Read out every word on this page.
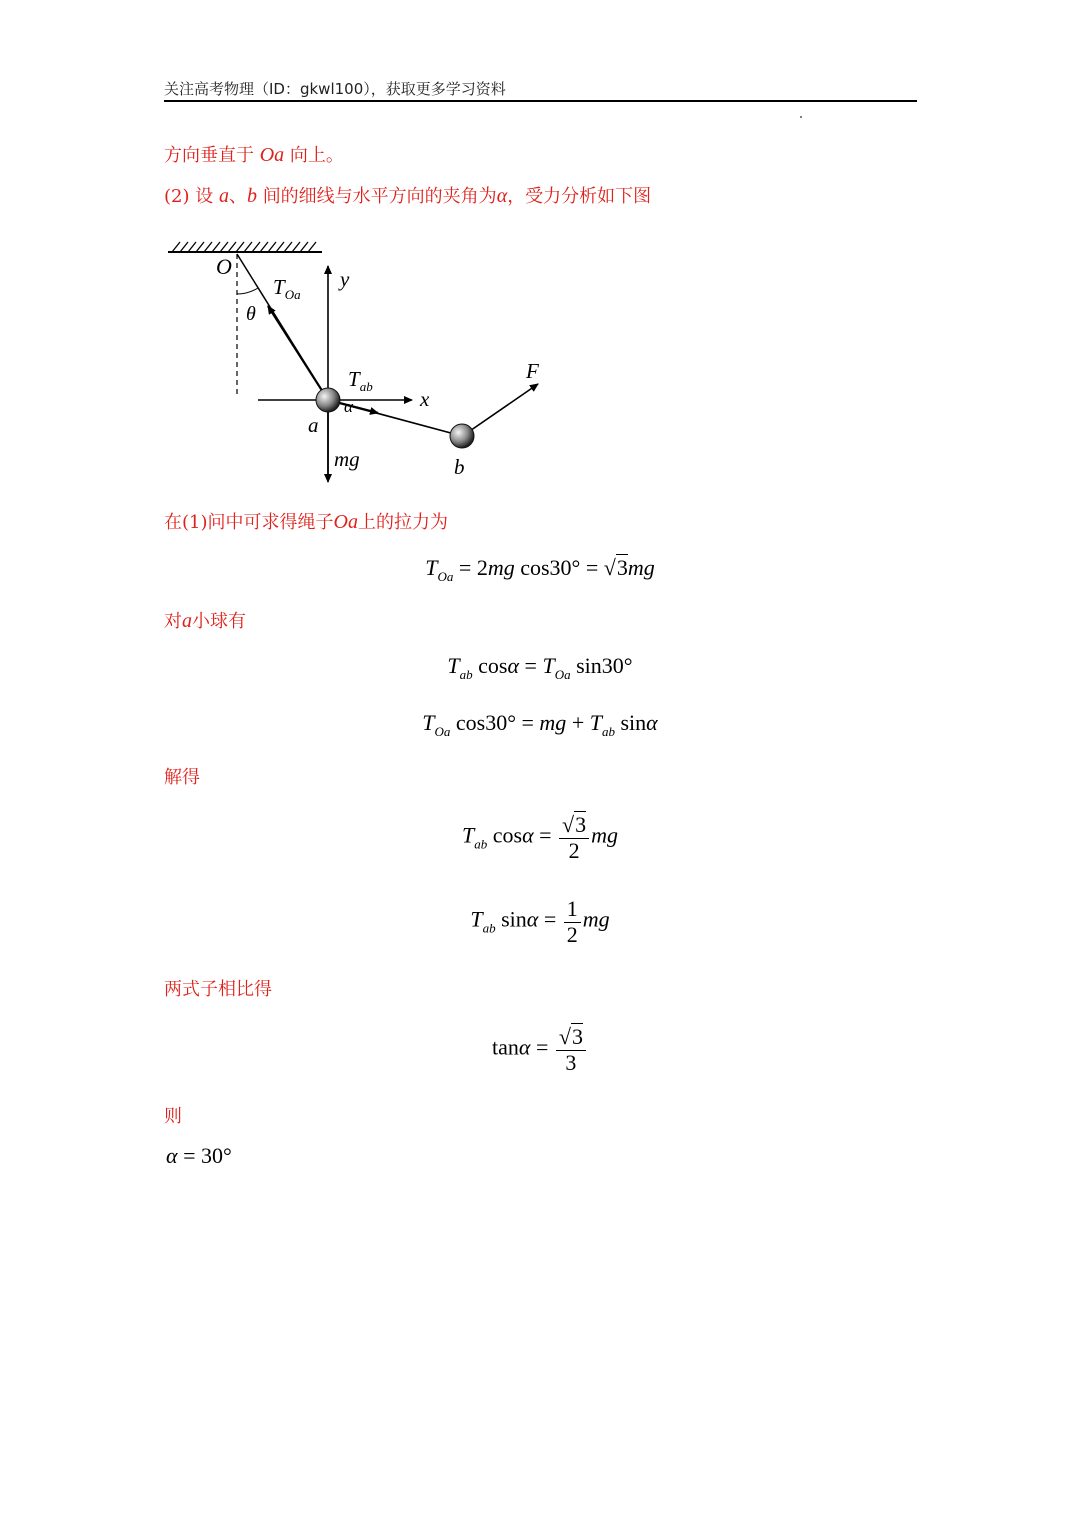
关注高考物理（ID：gkwl100），获取更多学习资料
方向垂直于 Oa 向上。
(2) 设 a、b 间的细线与水平方向的夹角为α，受力分析如下图
O
$T_{Oa}$
θ
y
$T_{ab}$
x
α
a
mg	b
F
在(1)问中可求得绳子Oa上的拉力为
$T_{Oa} = 2mg$ cos30° = √3mg
对a小球有
$T_{ab}$ $\cos\alpha = T_{Oa}$ sin30°
$T_{Oa}$ cos30° = mg + $T_{ab}$ sinα
解得
$T_{ab}$ $\cos\alpha = \frac{√3}{2}$ mg
$T_{ab}$ $\sin\alpha = \frac{1}{2}$ mg
两式子相比得
$\tan\alpha = \frac{√3}{3}$
则
α = 30°
